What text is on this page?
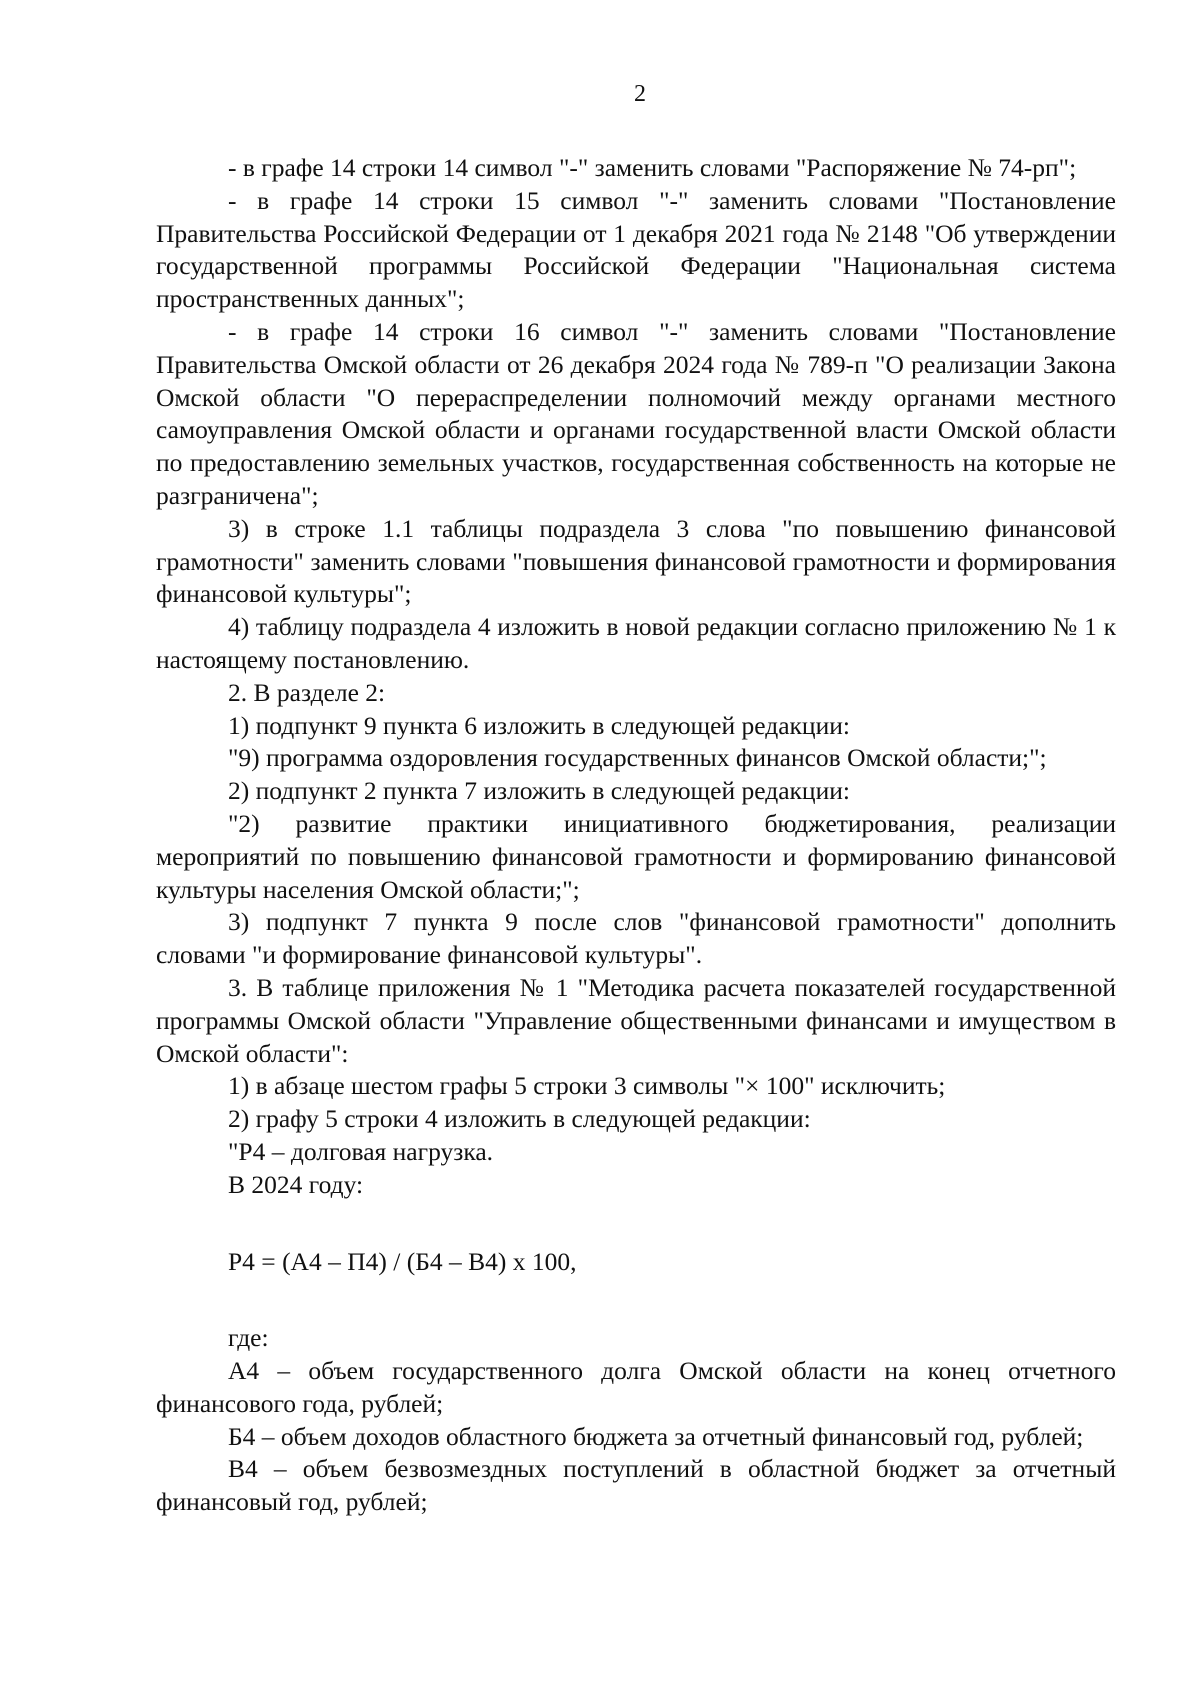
2

- в графе 14 строки 14 символ "-" заменить словами "Распоряжение № 74-рп";

- в графе 14 строки 15 символ "-" заменить словами "Постановление Правительства Российской Федерации от 1 декабря 2021 года № 2148 "Об утверждении государственной программы Российской Федерации "Национальная система пространственных данных";

- в графе 14 строки 16 символ "-" заменить словами "Постановление Правительства Омской области от 26 декабря 2024 года № 789-п "О реализации Закона Омской области "О перераспределении полномочий между органами местного самоуправления Омской области и органами государственной власти Омской области по предоставлению земельных участков, государственная собственность на которые не разграничена";

3) в строке 1.1 таблицы подраздела 3 слова "по повышению финансовой грамотности" заменить словами "повышения финансовой грамотности и формирования финансовой культуры";

4) таблицу подраздела 4 изложить в новой редакции согласно приложению № 1 к настоящему постановлению.

2. В разделе 2:

1) подпункт 9 пункта 6 изложить в следующей редакции:

"9) программа оздоровления государственных финансов Омской области;";

2) подпункт 2 пункта 7 изложить в следующей редакции:

"2) развитие практики инициативного бюджетирования, реализации мероприятий по повышению финансовой грамотности и формированию финансовой культуры населения Омской области;";

3) подпункт 7 пункта 9 после слов "финансовой грамотности" дополнить словами "и формирование финансовой культуры".

3. В таблице приложения № 1 "Методика расчета показателей государственной программы Омской области "Управление общественными финансами и имуществом в Омской области":

1) в абзаце шестом графы 5 строки 3 символы "× 100" исключить;

2) графу 5 строки 4 изложить в следующей редакции:

"Р4 – долговая нагрузка.

В 2024 году:

Р4 = (А4 – П4) / (Б4 – В4) x 100,

где:

А4 – объем государственного долга Омской области на конец отчетного финансового года, рублей;

Б4 – объем доходов областного бюджета за отчетный финансовый год, рублей;

В4 – объем безвозмездных поступлений в областной бюджет за отчетный финансовый год, рублей;
